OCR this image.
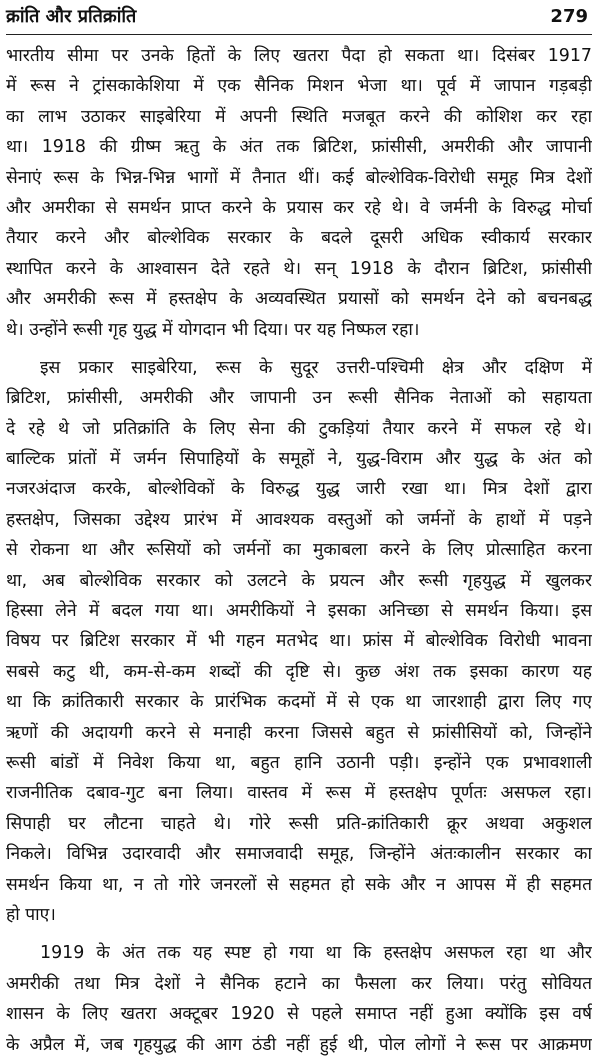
क्रांति और प्रतिक्रांति	279
भारतीय सीमा पर उनके हितों के लिए खतरा पैदा हो सकता था। दिसंबर 1917
में रूस ने ट्रांसकाकेशिया में एक सैनिक मिशन भेजा था। पूर्व में जापान गड़बड़ी
का लाभ उठाकर साइबेरिया में अपनी स्थिति मजबूत करने की कोशिश कर रहा
था। 1918 की ग्रीष्म ऋतु के अंत तक ब्रिटिश, फ्रांसीसी, अमरीकी और जापानी
सेनाएं रूस के भिन्न-भिन्न भागों में तैनात थीं। कई बोल्शेविक-विरोधी समूह मित्र देशों
और अमरीका से समर्थन प्राप्त करने के प्रयास कर रहे थे। वे जर्मनी के विरुद्ध मोर्चा
तैयार करने और बोल्शेविक सरकार के बदले दूसरी अधिक स्वीकार्य सरकार
स्थापित करने के आश्वासन देते रहते थे। सन् 1918 के दौरान ब्रिटिश, फ्रांसीसी
और अमरीकी रूस में हस्तक्षेप के अव्यवस्थित प्रयासों को समर्थन देने को बचनबद्ध
थे। उन्होंने रूसी गृह युद्ध में योगदान भी दिया। पर यह निष्फल रहा।
इस प्रकार साइबेरिया, रूस के सुदूर उत्तरी-पश्चिमी क्षेत्र और दक्षिण में
ब्रिटिश, फ्रांसीसी, अमरीकी और जापानी उन रूसी सैनिक नेताओं को सहायता
दे रहे थे जो प्रतिक्रांति के लिए सेना की टुकड़ियां तैयार करने में सफल रहे थे।
बाल्टिक प्रांतों में जर्मन सिपाहियों के समूहों ने, युद्ध-विराम और युद्ध के अंत को
नजरअंदाज करके, बोल्शेविकों के विरुद्ध युद्ध जारी रखा था। मित्र देशों द्वारा
हस्तक्षेप, जिसका उद्देश्य प्रारंभ में आवश्यक वस्तुओं को जर्मनों के हाथों में पड़ने
से रोकना था और रूसियों को जर्मनों का मुकाबला करने के लिए प्रोत्साहित करना
था, अब बोल्शेविक सरकार को उलटने के प्रयत्न और रूसी गृहयुद्ध में खुलकर
हिस्सा लेने में बदल गया था। अमरीकियों ने इसका अनिच्छा से समर्थन किया। इस
विषय पर ब्रिटिश सरकार में भी गहन मतभेद था। फ्रांस में बोल्शेविक विरोधी भावना
सबसे कटु थी, कम-से-कम शब्दों की दृष्टि से। कुछ अंश तक इसका कारण यह
था कि क्रांतिकारी सरकार के प्रारंभिक कदमों में से एक था जारशाही द्वारा लिए गए
ऋणों की अदायगी करने से मनाही करना जिससे बहुत से फ्रांसीसियों को, जिन्होंने
रूसी बांडों में निवेश किया था, बहुत हानि उठानी पड़ी। इन्होंने एक प्रभावशाली
राजनीतिक दबाव-गुट बना लिया। वास्तव में रूस में हस्तक्षेप पूर्णतः असफल रहा।
सिपाही घर लौटना चाहते थे। गोरे रूसी प्रति-क्रांतिकारी क्रूर अथवा अकुशल
निकले। विभिन्न उदारवादी और समाजवादी समूह, जिन्होंने अंतःकालीन सरकार का
समर्थन किया था, न तो गोरे जनरलों से सहमत हो सके और न आपस में ही सहमत
हो पाए।
1919 के अंत तक यह स्पष्ट हो गया था कि हस्तक्षेप असफल रहा था और
अमरीकी तथा मित्र देशों ने सैनिक हटाने का फैसला कर लिया। परंतु सोवियत
शासन के लिए खतरा अक्टूबर 1920 से पहले समाप्त नहीं हुआ क्योंकि इस वर्ष
के अप्रैल में, जब गृहयुद्ध की आग ठंडी नहीं हुई थी, पोल लोगों ने रूस पर आक्रमण
